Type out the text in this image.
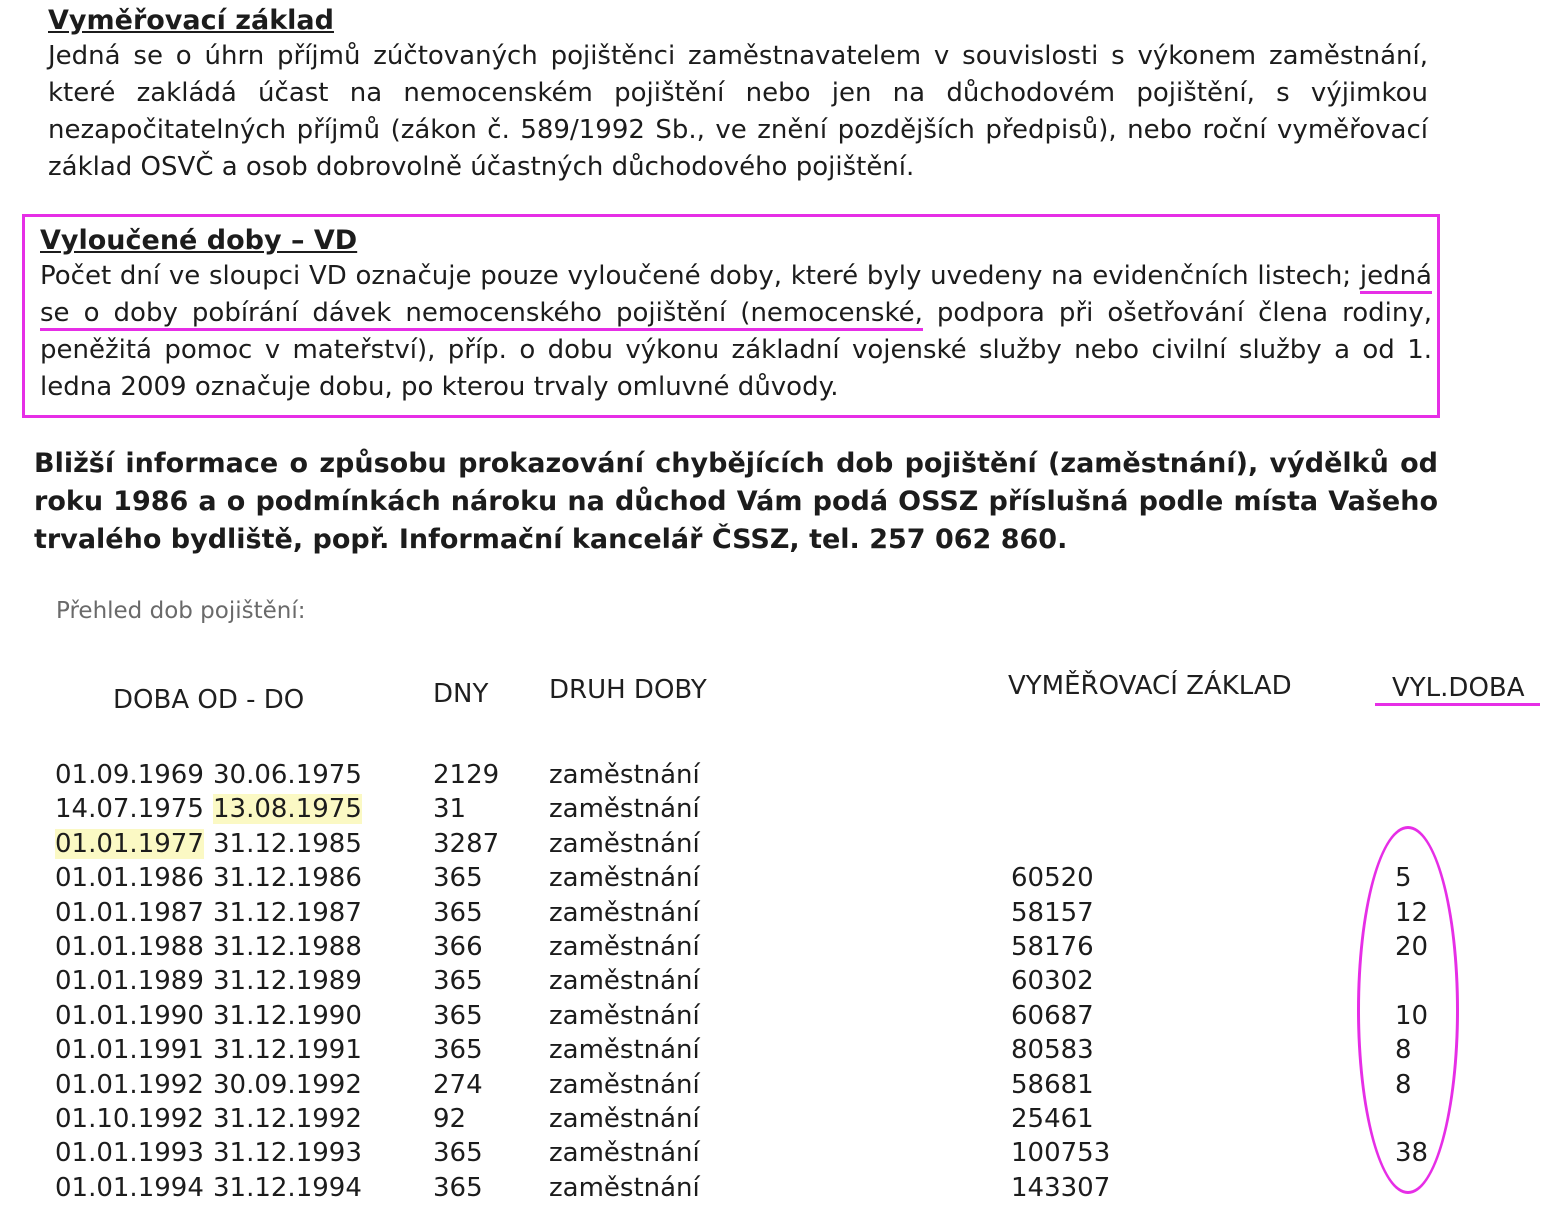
Vyměřovací základ

Jedná se o úhrn příjmů zúčtovaných pojištěnci zaměstnavatelem v souvislosti s výkonem zaměstnání, které zakládá účast na nemocenském pojištění nebo jen na důchodovém pojištění, s výjimkou nezapočitatelných příjmů (zákon č. 589/1992 Sb., ve znění pozdějších předpisů), nebo roční vyměřovací základ OSVČ a osob dobrovolně účastných důchodového pojištění.

Vyloučené doby – VD

Počet dní ve sloupci VD označuje pouze vyloučené doby, které byly uvedeny na evidenčních listech; jedná se o doby pobírání dávek nemocenského pojištění (nemocenské, podpora při ošetřování člena rodiny, peněžitá pomoc v mateřství), příp. o dobu výkonu základní vojenské služby nebo civilní služby a od 1. ledna 2009 označuje dobu, po kterou trvaly omluvné důvody.

Bližší informace o způsobu prokazování chybějících dob pojištění (zaměstnání), výdělků od roku 1986 a o podmínkách nároku na důchod Vám podá OSSZ příslušná podle místa Vašeho trvalého bydliště, popř. Informační kancelář ČSSZ, tel. 257 062 860.

Přehled dob pojištění:
DOBA OD - DO	DNY DRUH DOBY	VYMĚŘOVACÍ ZÁKLAD	VYL.DOBA
01.09.1969 30.06.1975	2129 zaměstnání
14.07.1975 13.08.1975	31	zaměstnání
01.01.1977 31.12.1985	3287 zaměstnání
01.01.1986 31.12.1986	365	zaměstnání	60520	5
01.01.1987 31.12.1987	365	zaměstnání	58157	12
01.01.1988 31.12.1988	366	zaměstnání	58176	20
01.01.1989 31.12.1989	365	zaměstnání	60302
01.01.1990 31.12.1990	365	zaměstnání	60687	10
01.01.1991 31.12.1991	365	zaměstnání	80583	8
01.01.1992 30.09.1992	274	zaměstnání	58681	8
01.10.1992 31.12.1992	92	zaměstnání	25461
01.01.1993 31.12.1993	365	zaměstnání	100753	38
01.01.1994 31.12.1994	365	zaměstnání	143307
